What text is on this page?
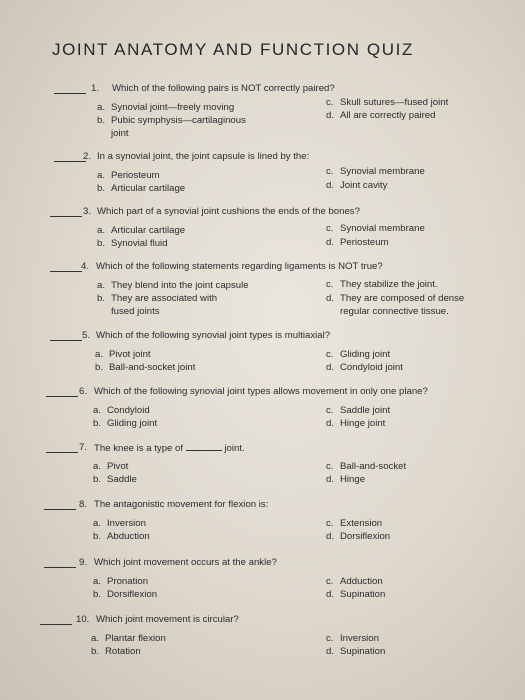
JOINT ANATOMY AND FUNCTION QUIZ
1. Which of the following pairs is NOT correctly paired?
a. Synovial joint—freely moving
b. Pubic symphysis—cartilaginous
joint
c. Skull sutures—fused joint
d. All are correctly paired
2. In a synovial joint, the joint capsule is lined by the:
a. Periosteum
b. Articular cartilage
c. Synovial membrane
d. Joint cavity
3. Which part of a synovial joint cushions the ends of the bones?
a. Articular cartilage
b. Synovial fluid
c. Synovial membrane
d. Periosteum
4. Which of the following statements regarding ligaments is NOT true?
a. They blend into the joint capsule
b. They are associated with
fused joints
c. They stabilize the joint.
d. They are composed of dense
regular connective tissue.
5. Which of the following synovial joint types is multiaxial?
a. Pivot joint
b. Ball-and-socket joint
c. Gliding joint
d. Condyloid joint
6. Which of the following synovial joint types allows movement in only one plane?
a. Condyloid
b. Gliding joint
c. Saddle joint
d. Hinge joint
7. The knee is a type of	joint.
a. Pivot
b. Saddle
c. Ball-and-socket
d. Hinge
8. The antagonistic movement for flexion is:
a. Inversion
b. Abduction
c. Extension
d. Dorsiflexion
9. Which joint movement occurs at the ankle?
a. Pronation
b. Dorsiflexion
c. Adduction
d. Supination
10. Which joint movement is circular?
a. Plantar flexion
b. Rotation
c. Inversion
d. Supination
